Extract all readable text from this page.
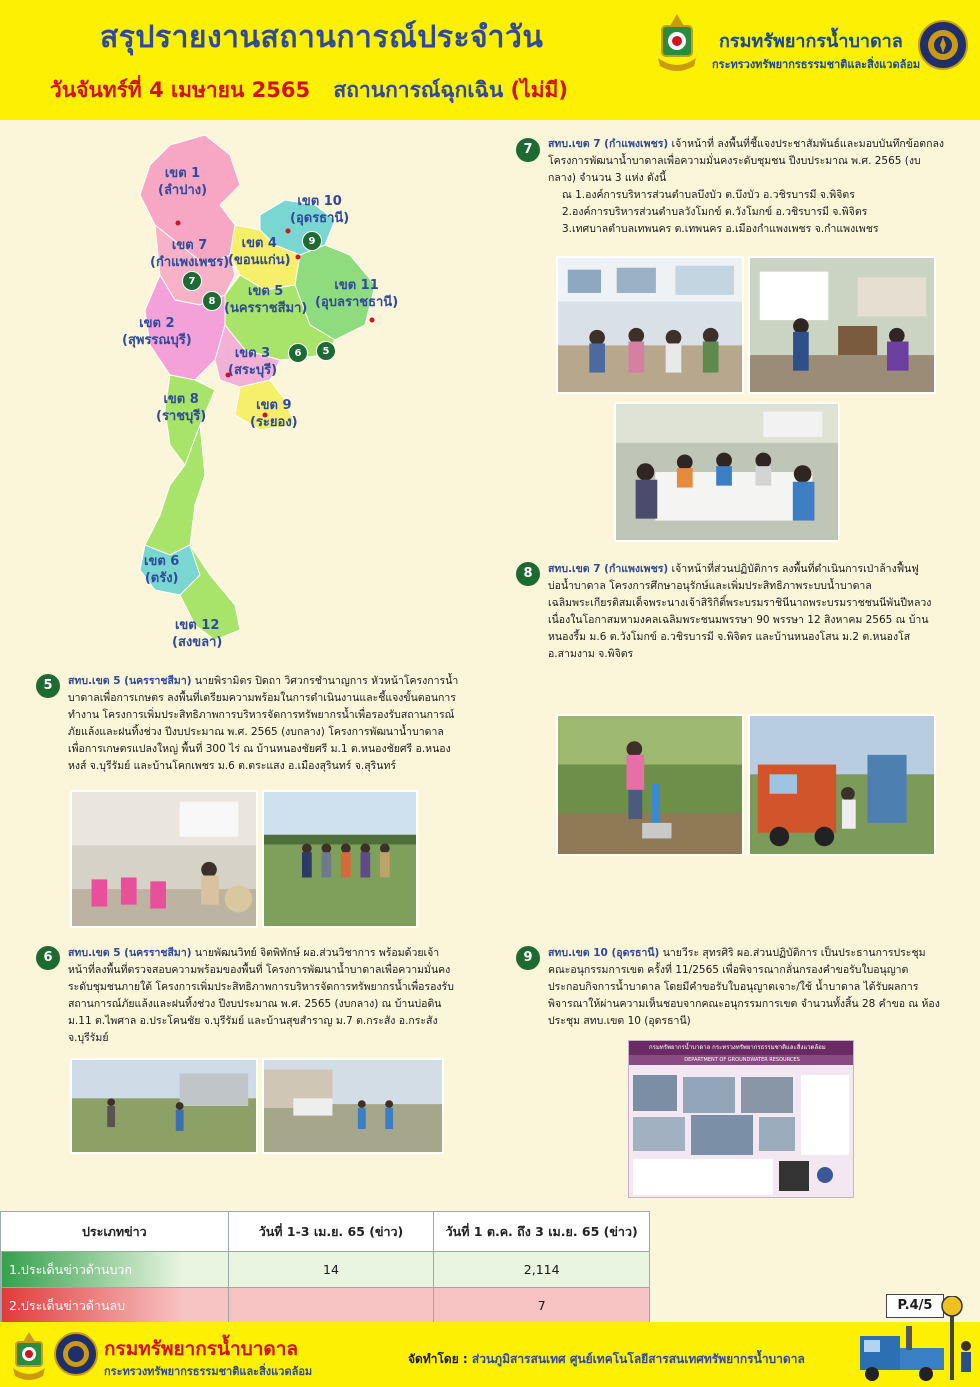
สรุปรายงานสถานการณ์ประจำวัน
วันจันทร์ที่ 4 เมษายน 2565 สถานการณ์ฉุกเฉิน (ไม่มี)
กรมทรัพยากรน้ำบาดาล
กระทรวงทรัพยากรธรรมชาติและสิ่งแวดล้อม
เขต 1
(ลำปาง)
เขต 10
(อุดรธานี)
เขต 7
(กำแพงเพชร)
เขต 4
(ขอนแก่น)
เขต 11
(อุบลราชธานี)
เขต 5
(นครราชสีมา)
เขต 2
(สุพรรณบุรี)
เขต 3
(สระบุรี)
เขต 8
(ราชบุรี)
เขต 9
(ระยอง)
เขต 6
(ตรัง)
เขต 12
(สงขลา)
9
7
8
6	5
7	สทบ.เขต 7 (กำแพงเพชร) เจ้าหน้าที่ ลงพื้นที่ชี้แจงประชาสัมพันธ์และมอบบันทึกข้อตกลงโครงการพัฒนาน้ำบาดาลเพื่อความมั่นคงระดับชุมชน ปีงบประมาณ พ.ศ. 2565 (งบกลาง) จำนวน 3 แห่ง ดังนี้
ณ 1.องค์การบริหารส่วนตำบลบึงบัว ต.บึงบัว อ.วชิรบารมี จ.พิจิตร
2.องค์การบริหารส่วนตำบลวังโมกข์ ต.วังโมกข์ อ.วชิรบารมี จ.พิจิตร
3.เทศบาลตำบลเทพนคร ต.เทพนคร อ.เมืองกำแพงเพชร จ.กำแพงเพชร
8	สทบ.เขต 7 (กำแพงเพชร) เจ้าหน้าที่ส่วนปฏิบัติการ ลงพื้นที่ดำเนินการเป่าล้างฟื้นฟูบ่อน้ำบาดาล โครงการศึกษาอนุรักษ์และเพิ่มประสิทธิภาพระบบน้ำบาดาลเฉลิมพระเกียรติสมเด็จพระนางเจ้าสิริกิติ์พระบรมราชินีนาถพระบรมราชชนนีพันปีหลวง เนื่องในโอกาสมหามงคลเฉลิมพระชนมพรรษา 90 พรรษา 12 สิงหาคม 2565 ณ บ้านหนองรี้ม ม.6 ต.วังโมกข์ อ.วชิรบารมี จ.พิจิตร และบ้านหนองโสน ม.2 ต.หนองโส อ.สามงาม จ.พิจิตร
5	สทบ.เขต 5 (นครราชสีมา) นายพิรามิตร ปิดถา วิศวกรชำนาญการ หัวหน้าโครงการน้ำบาดาลเพื่อการเกษตร ลงพื้นที่เตรียมความพร้อมในการดำเนินงานและชี้แจงขั้นตอนการทำงาน โครงการเพิ่มประสิทธิภาพการบริหารจัดการทรัพยากรน้ำเพื่อรองรับสถานการณ์ภัยแล้งและฝนทิ้งช่วง ปีงบประมาณ พ.ศ. 2565 (งบกลาง) โครงการพัฒนาน้ำบาดาลเพื่อการเกษตรแปลงใหญ่ พื้นที่ 300 ไร่ ณ บ้านหนองชัยศรี ม.1 ต.หนองชัยศรี อ.หนองหงส์ จ.บุรีรัมย์ และบ้านโคกเพชร ม.6 ต.ตระแสง อ.เมืองสุรินทร์ จ.สุรินทร์
6	สทบ.เขต 5 (นครราชสีมา) นายพัฒนวิทย์ จิตพิทักษ์ ผอ.ส่วนวิชาการ พร้อมด้วยเจ้าหน้าที่ลงพื้นที่ตรวจสอบความพร้อมของพื้นที่ โครงการพัฒนาน้ำบาดาลเพื่อความมั่นคงระดับชุมชนภายใต้ โครงการเพิ่มประสิทธิภาพการบริหารจัดการทรัพยากรน้ำเพื่อรองรับสถานการณ์ภัยแล้งและฝนทิ้งช่วง ปีงบประมาณ พ.ศ. 2565 (งบกลาง) ณ บ้านบ่อดิน ม.11 ต.ไพศาล อ.ประโคนชัย จ.บุรีรัมย์ และบ้านสุขสำราญ ม.7 ต.กระสัง อ.กระสัง จ.บุรีรัมย์
9	สทบ.เขต 10 (อุดรธานี) นายวีระ สุทรศิริ ผอ.ส่วนปฏิบัติการ เป็นประธานการประชุมคณะอนุกรรมการเขต ครั้งที่ 11/2565 เพื่อพิจารณากลั่นกรองคำขอรับใบอนุญาตประกอบกิจการน้ำบาดาล โดยมีคำขอรับใบอนุญาตเจาะ/ใช้ น้ำบาดาล ได้รับผลการพิจารณาให้ผ่านความเห็นชอบจากคณะอนุกรรมการเขต จำนวนทั้งสิ้น 28 คำขอ ณ ห้องประชุม สทบ.เขต 10 (อุดรธานี)
กรมทรัพยากรน้ำบาดาล กระทรวงทรัพยากรธรรมชาติและสิ่งแวดล้อม
DEPARTMENT OF GROUNDWATER RESOURCES
ประเภทข่าว	วันที่ 1-3 เม.ย. 65 (ข่าว)	วันที่ 1 ต.ค. ถึง 3 เม.ย. 65 (ข่าว)
1.ประเด็นข่าวด้านบวก	14	2,114
2.ประเด็นข่าวด้านลบ		7	P.4/5
กรมทรัพยากรน้ำบาดาล
กระทรวงทรัพยากรธรรมชาติและสิ่งแวดล้อม
จัดทำโดย : ส่วนภูมิสารสนเทศ ศูนย์เทคโนโลยีสารสนเทศทรัพยากรน้ำบาดาล
